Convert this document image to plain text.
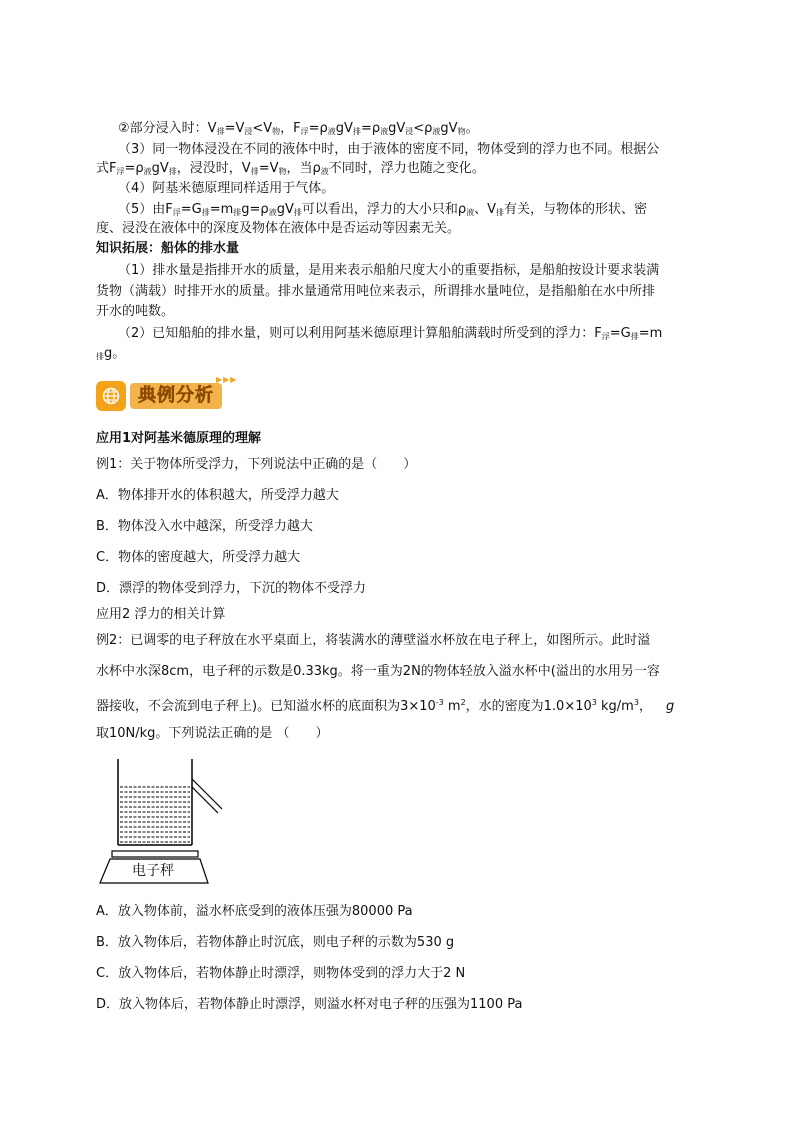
②部分浸入时：$V_排=V_浸<V_物$，$F_浮=\rho_液gV_排=\rho_液gV_浸<\rho_液gV_物$。
（3）同一物体浸没在不同的液体中时，由于液体的密度不同，物体受到的浮力也不同。根据公
式$F_浮=\rho_液gV_排$，浸没时，$V_排=V_物$，当$\rho_液$不同时，浮力也随之变化。
（4）阿基米德原理同样适用于气体。
（5）由$F_浮=G_排=m_排g=\rho_液gV_排$可以看出，浮力的大小只和$\rho_液$、$V_排$有关，与物体的形状、密
度、浸没在液体中的深度及物体在液体中是否运动等因素无关。
知识拓展：船体的排水量
（1）排水量是指排开水的质量，是用来表示船舶尺度大小的重要指标，是船舶按设计要求装满
货物（满载）时排开水的质量。排水量通常用吨位来表示，所谓排水量吨位，是指船舶在水中所排
开水的吨数。
（2）已知船舶的排水量，则可以利用阿基米德原理计算船舶满载时所受到的浮力：$F_浮=G_排=m$
$_排$g。
典例分析
▶▶▶
应用1对阿基米德原理的理解
例1：关于物体所受浮力，下列说法中正确的是（　　）
A．物体排开水的体积越大，所受浮力越大
B．物体没入水中越深，所受浮力越大
C．物体的密度越大，所受浮力越大
D．漂浮的物体受到浮力，下沉的物体不受浮力
应用2 浮力的相关计算
例2：已调零的电子秤放在水平桌面上，将装满水的薄壁溢水杯放在电子秤上，如图所示。此时溢
水杯中水深8cm，电子秤的示数是0.33kg。将一重为2N的物体轻放入溢水杯中(溢出的水用另一容
器接收，不会流到电子秤上)。已知溢水杯的底面积为$3\times 10^{-3}$ $m^2$，水的密度为$1.0\times 10^3$ $kg/m^3$， g
取10N/kg。下列说法正确的是 （　　）
电子秤
A．放入物体前，溢水杯底受到的液体压强为80000 Pa
B．放入物体后，若物体静止时沉底，则电子秤的示数为530 g
C．放入物体后，若物体静止时漂浮，则物体受到的浮力大于2 N
D．放入物体后，若物体静止时漂浮，则溢水杯对电子秤的压强为1100 Pa
